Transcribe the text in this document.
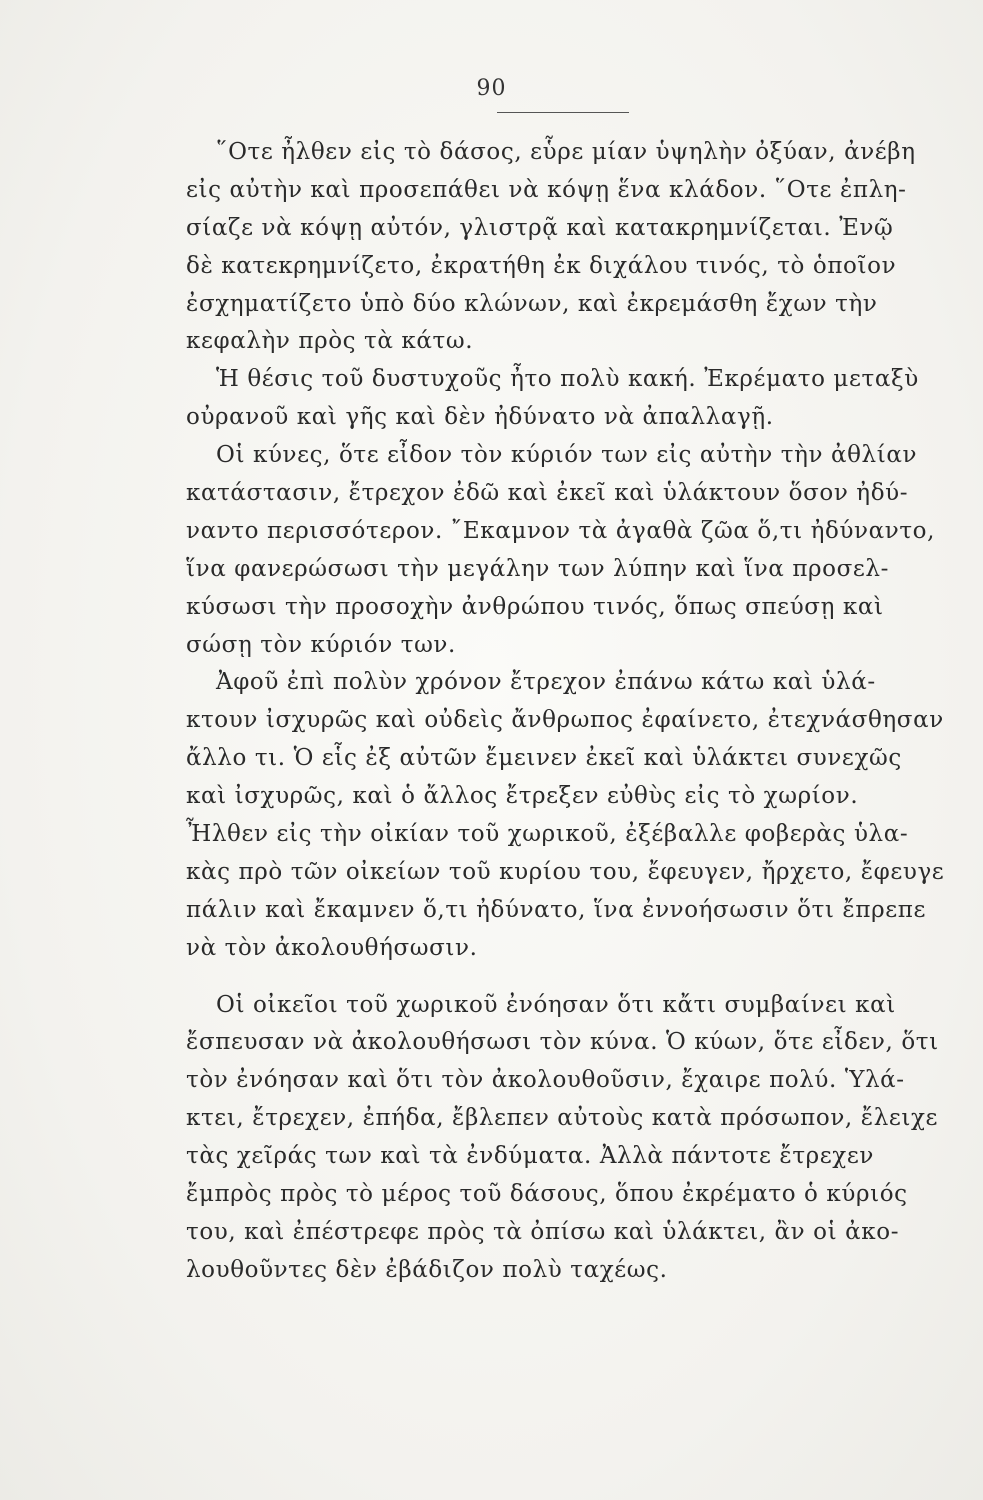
90
῞Οτε ἦλθεν εἰς τὸ δάσος, εὗρε μίαν ὑψηλὴν ὀξύαν, ἀνέβη
εἰς αὐτὴν καὶ προσεπάθει νὰ κόψῃ ἕνα κλάδον. ῞Οτε ἐπλη-
σίαζε νὰ κόψῃ αὐτόν, γλιστρᾷ καὶ κατακρημνίζεται. Ἐνῷ
δὲ κατεκρημνίζετο, ἐκρατήθη ἐκ διχάλου τινός, τὸ ὁποῖον
ἐσχηματίζετο ὑπὸ δύο κλώνων, καὶ ἐκρεμάσθη ἔχων τὴν
κεφαλὴν πρὸς τὰ κάτω.
Ἡ θέσις τοῦ δυστυχοῦς ἦτο πολὺ κακή. Ἐκρέματο μεταξὺ
οὐρανοῦ καὶ γῆς καὶ δὲν ἠδύνατο νὰ ἀπαλλαγῇ.
Οἱ κύνες, ὅτε εἶδον τὸν κύριόν των εἰς αὐτὴν τὴν ἀθλίαν
κατάστασιν, ἔτρεχον ἐδῶ καὶ ἐκεῖ καὶ ὑλάκτουν ὅσον ἠδύ-
ναντο περισσότερον. ῎Εκαμνον τὰ ἀγαθὰ ζῶα ὅ,τι ἠδύναντο,
ἵνα φανερώσωσι τὴν μεγάλην των λύπην καὶ ἵνα προσελ-
κύσωσι τὴν προσοχὴν ἀνθρώπου τινός, ὅπως σπεύσῃ καὶ
σώσῃ τὸν κύριόν των.
Ἀφοῦ ἐπὶ πολὺν χρόνον ἔτρεχον ἐπάνω κάτω καὶ ὑλά-
κτουν ἰσχυρῶς καὶ οὐδεὶς ἄνθρωπος ἐφαίνετο, ἐτεχνάσθησαν
ἄλλο τι. Ὁ εἷς ἐξ αὐτῶν ἔμεινεν ἐκεῖ καὶ ὑλάκτει συνεχῶς
καὶ ἰσχυρῶς, καὶ ὁ ἄλλος ἔτρεξεν εὐθὺς εἰς τὸ χωρίον.
Ἦλθεν εἰς τὴν οἰκίαν τοῦ χωρικοῦ, ἐξέβαλλε φοβερὰς ὑλα-
κὰς πρὸ τῶν οἰκείων τοῦ κυρίου του, ἔφευγεν, ἤρχετο, ἔφευγε
πάλιν καὶ ἔκαμνεν ὅ,τι ἠδύνατο, ἵνα ἐννοήσωσιν ὅτι ἔπρεπε
νὰ τὸν ἀκολουθήσωσιν.
Οἱ οἰκεῖοι τοῦ χωρικοῦ ἐνόησαν ὅτι κἄτι συμβαίνει καὶ
ἔσπευσαν νὰ ἀκολουθήσωσι τὸν κύνα. Ὁ κύων, ὅτε εἶδεν, ὅτι
τὸν ἐνόησαν καὶ ὅτι τὸν ἀκολουθοῦσιν, ἔχαιρε πολύ. Ὑλά-
κτει, ἔτρεχεν, ἐπήδα, ἔβλεπεν αὐτοὺς κατὰ πρόσωπον, ἔλειχε
τὰς χεῖράς των καὶ τὰ ἐνδύματα. Ἀλλὰ πάντοτε ἔτρεχεν
ἔμπρὸς πρὸς τὸ μέρος τοῦ δάσους, ὅπου ἐκρέματο ὁ κύριός
του, καὶ ἐπέστρεφε πρὸς τὰ ὀπίσω καὶ ὑλάκτει, ἂν οἱ ἀκο-
λουθοῦντες δὲν ἐβάδιζον πολὺ ταχέως.
